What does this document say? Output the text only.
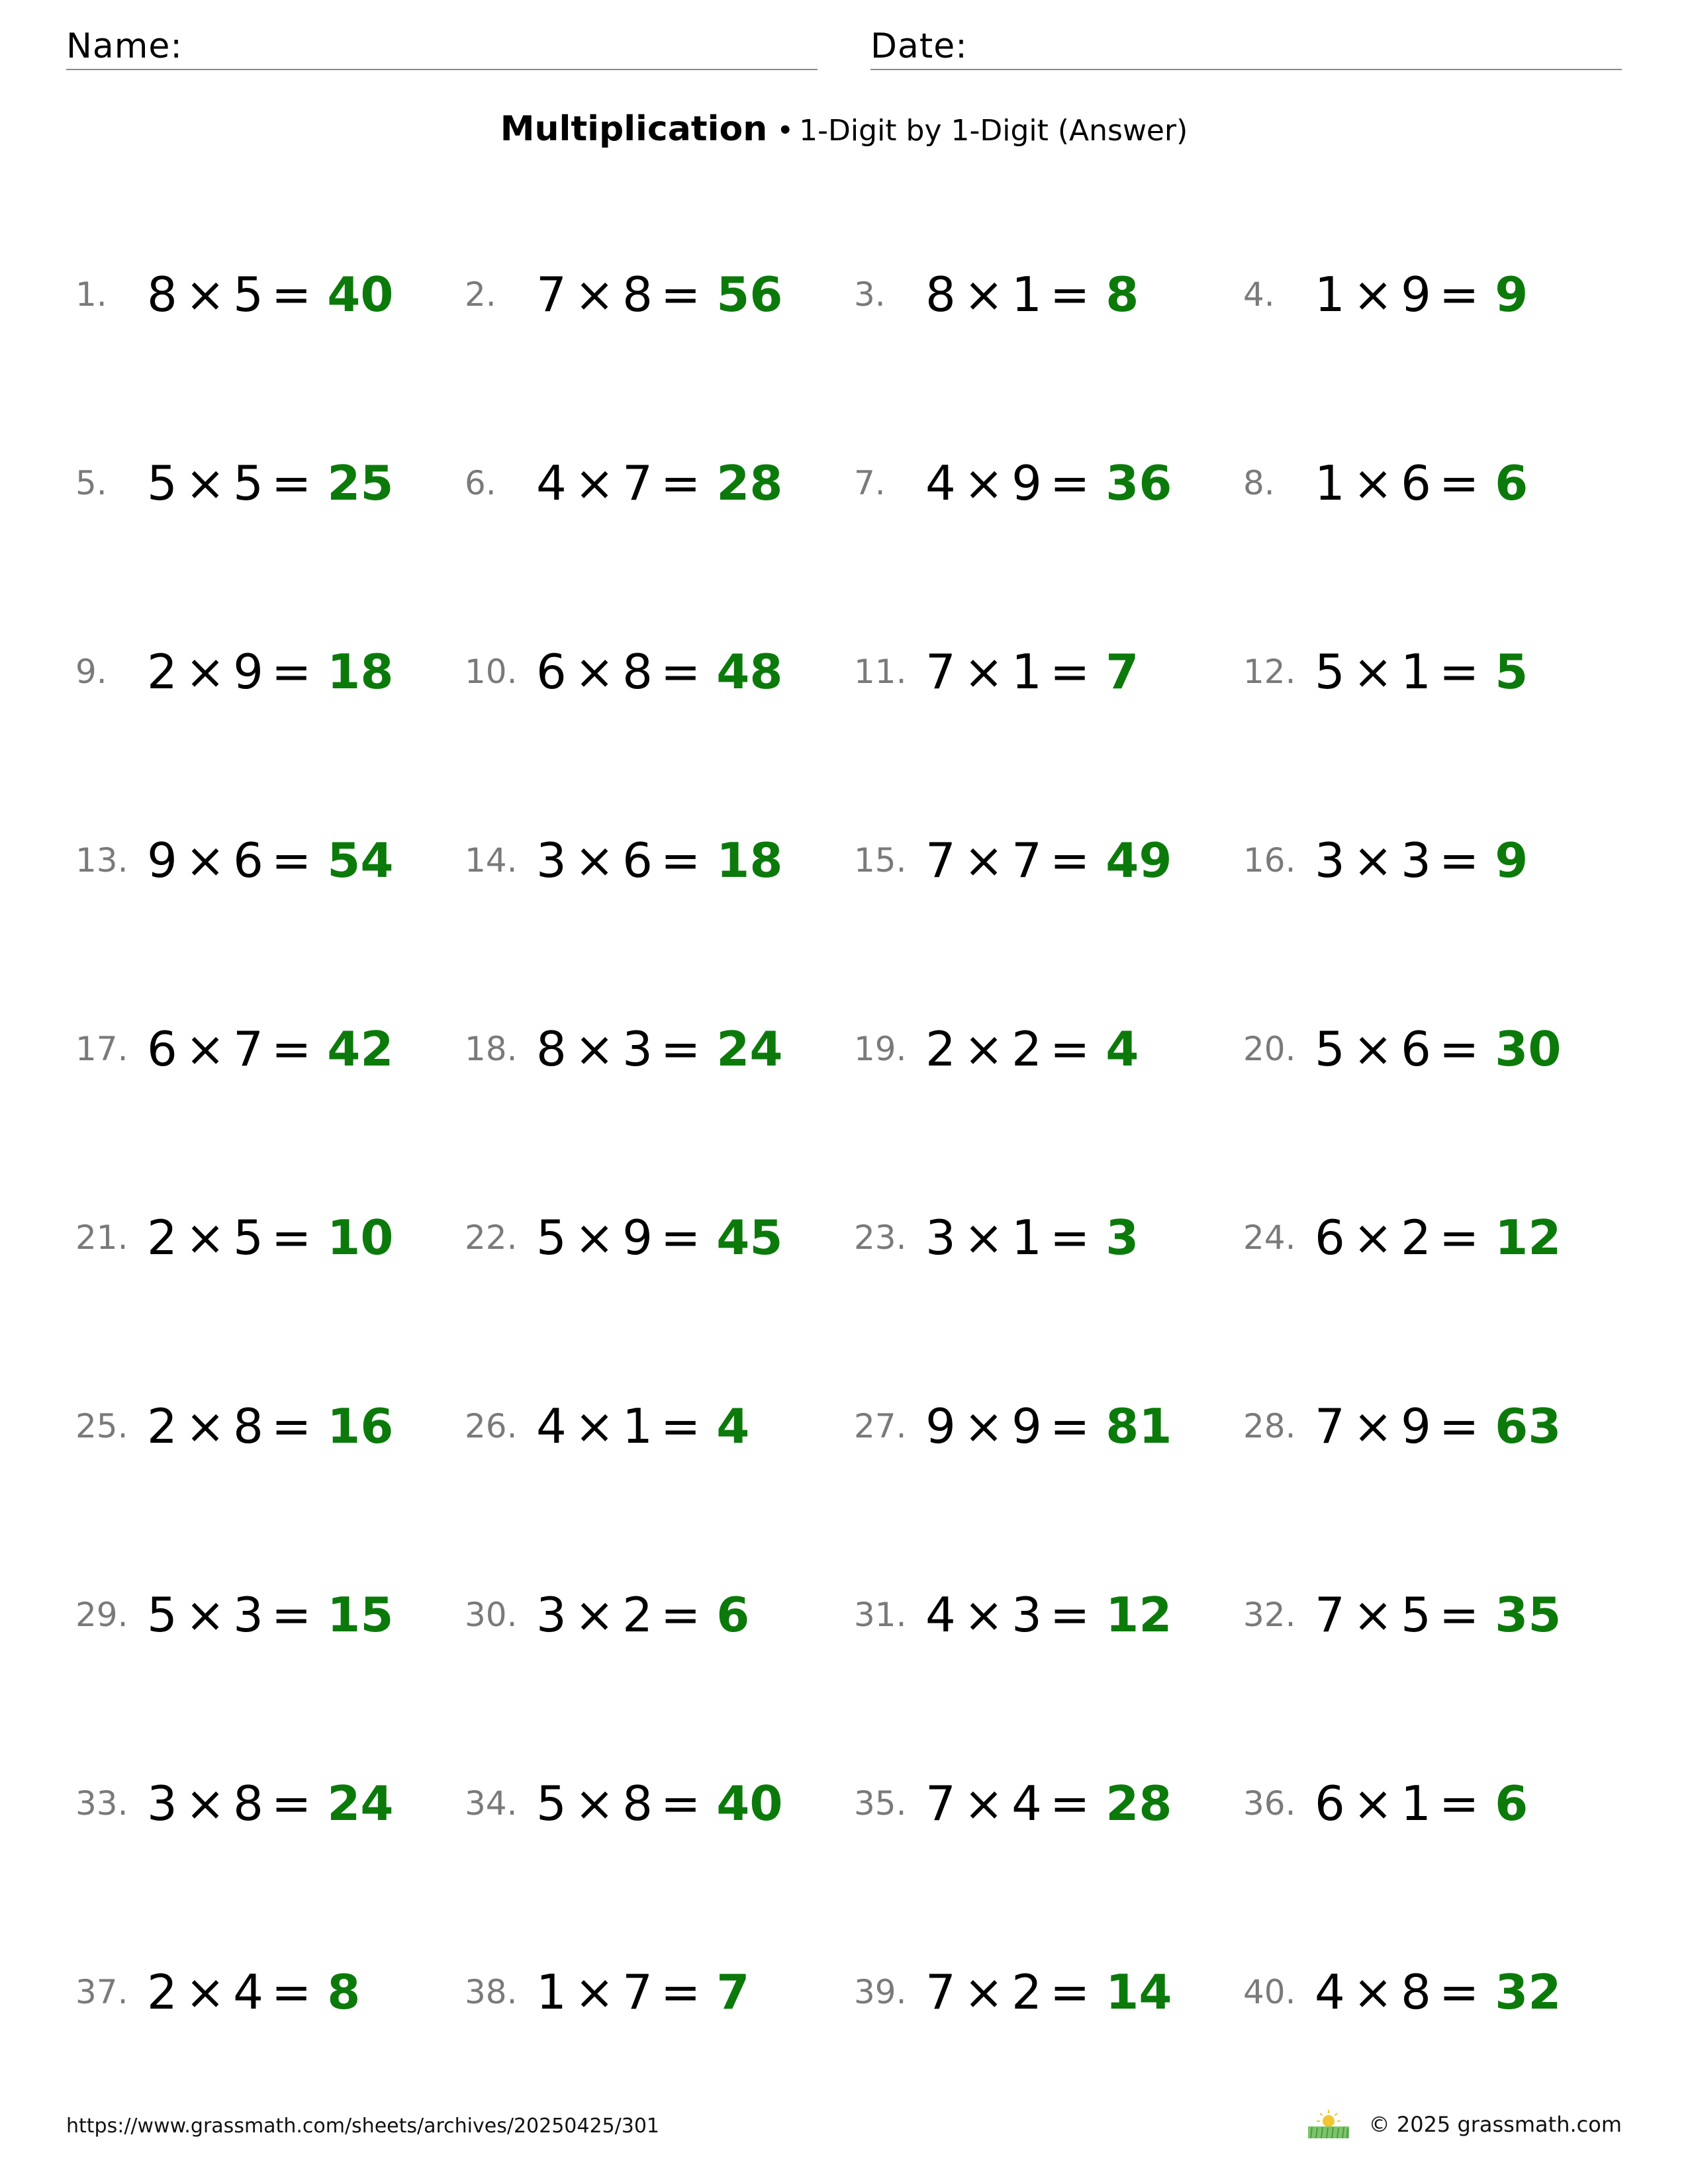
Name:	Date:
Multiplication • 1-Digit by 1-Digit (Answer)
1. 8 × 5 = 40 2. 7 × 8 = 56 3. 8 × 1 = 8	4. 1 × 9 = 9
5. 5 × 5 = 25 6. 4 × 7 = 28 7. 4 × 9 = 36 8. 1 × 6 = 6
9. 2 × 9 = 18 10. 6 × 8 = 48 11. 7 × 1 = 7	12. 5 × 1 = 5
13. 9 × 6 = 54 14. 3 × 6 = 18 15. 7 × 7 = 49 16. 3 × 3 = 9
17. 6 × 7 = 42 18. 8 × 3 = 24 19. 2 × 2 = 4	20. 5 × 6 = 30
21. 2 × 5 = 10 22. 5 × 9 = 45 23. 3 × 1 = 3	24. 6 × 2 = 12
25. 2 × 8 = 16 26. 4 × 1 = 4	27. 9 × 9 = 81 28. 7 × 9 = 63
29. 5 × 3 = 15 30. 3 × 2 = 6	31. 4 × 3 = 12 32. 7 × 5 = 35
33. 3 × 8 = 24 34. 5 × 8 = 40 35. 7 × 4 = 28 36. 6 × 1 = 6
37. 2 × 4 = 8	38. 1 × 7 = 7	39. 7 × 2 = 14 40. 4 × 8 = 32
https://www.grassmath.com/sheets/archives/20250425/301	© 2025 grassmath.com
